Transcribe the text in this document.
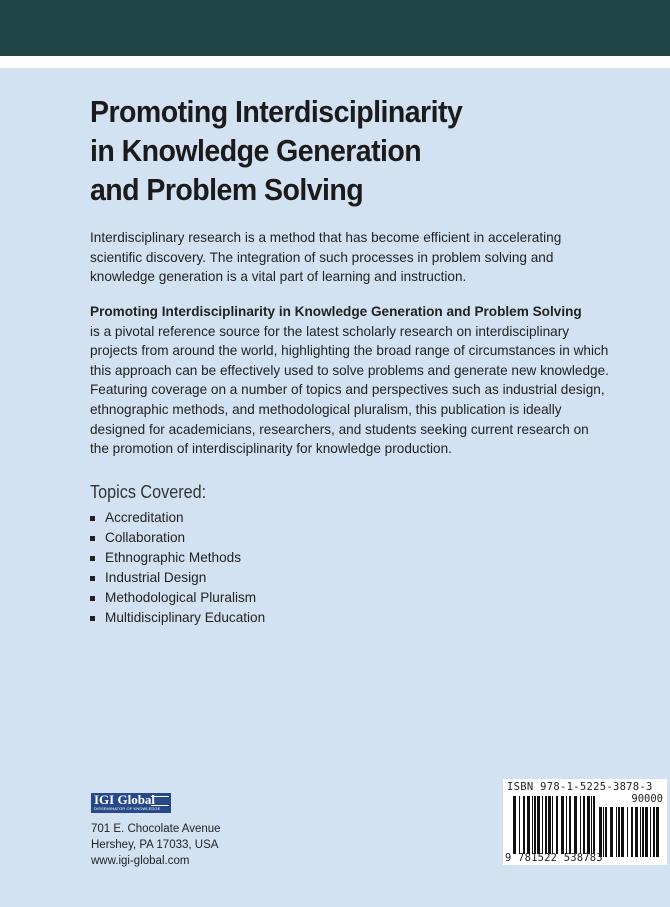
Promoting Interdisciplinarity
in Knowledge Generation
and Problem Solving

Interdisciplinary research is a method that has become efficient in accelerating scientific discovery. The integration of such processes in problem solving and knowledge generation is a vital part of learning and instruction.

Promoting Interdisciplinarity in Knowledge Generation and Problem Solving
is a pivotal reference source for the latest scholarly research on interdisciplinary projects from around the world, highlighting the broad range of circumstances in which this approach can be effectively used to solve problems and generate new knowledge. Featuring coverage on a number of topics and perspectives such as industrial design, ethnographic methods, and methodological pluralism, this publication is ideally designed for academicians, researchers, and students seeking current research on the promotion of interdisciplinarity for knowledge production.

Topics Covered:
Accreditation
Collaboration
Ethnographic Methods
Industrial Design
Methodological Pluralism
Multidisciplinary Education
IGI Global
DISSEMINATOR OF KNOWLEDGE
701 E. Chocolate Avenue
Hershey, PA 17033, USA
www.igi-global.com
ISBN 978-1-5225-3878-3
90000
9 781522 538783
